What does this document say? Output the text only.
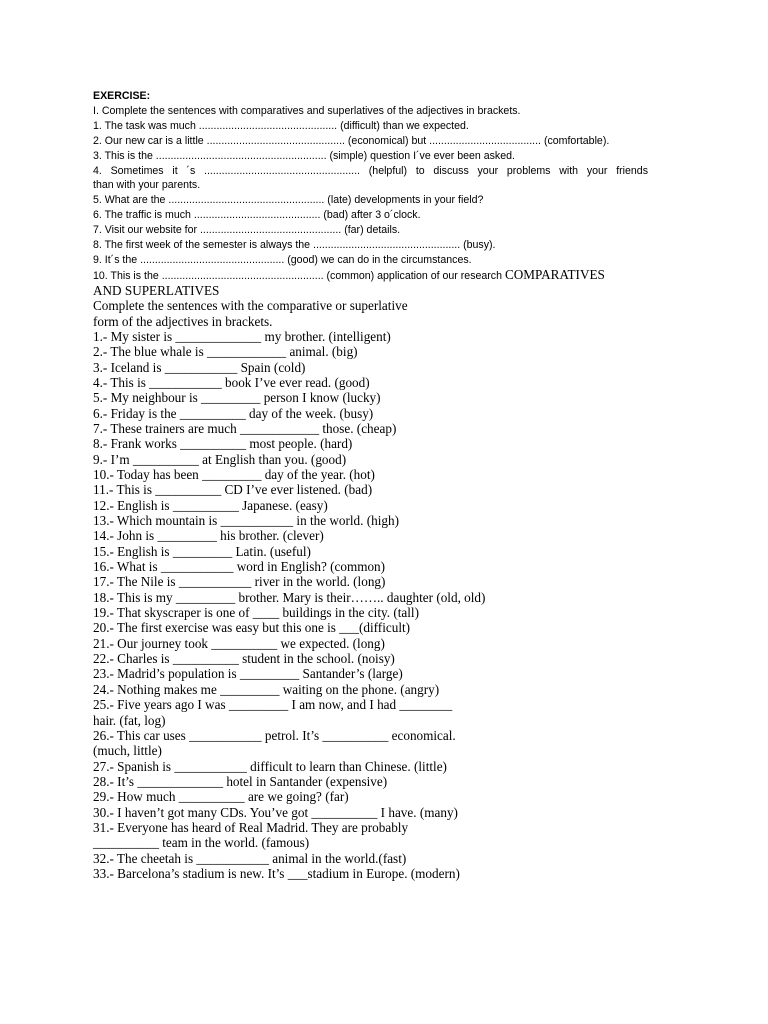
EXERCISE:
I. Complete the sentences with comparatives and superlatives of the adjectives in brackets.
1. The task was much ............................................... (difficult) than we expected.
2. Our new car is a little ............................................... (economical) but ...................................... (comfortable).
3. This is the .......................................................... (simple) question I´ve ever been asked.
4. Sometimes it ´s ..................................................... (helpful) to discuss your problems with your friends
than with your parents.
5. What are the ..................................................... (late) developments in your field?
6. The traffic is much ........................................... (bad) after 3 o´clock.
7. Visit our website for ................................................ (far) details.
8. The first week of the semester is always the .................................................. (busy).
9. It´s the ................................................. (good) we can do in the circumstances.
10. This is the ....................................................... (common) application of our research COMPARATIVES
AND SUPERLATIVES
Complete the sentences with the comparative or superlative
form of the adjectives in brackets.
1.- My sister is _____________ my brother. (intelligent)
2.- The blue whale is ____________ animal. (big)
3.- Iceland is ___________ Spain (cold)
4.- This is ___________ book I’ve ever read. (good)
5.- My neighbour is _________ person I know (lucky)
6.- Friday is the __________ day of the week. (busy)
7.- These trainers are much ____________ those. (cheap)
8.- Frank works __________ most people. (hard)
9.- I’m __________ at English than you. (good)
10.- Today has been _________ day of the year. (hot)
11.- This is __________ CD I’ve ever listened. (bad)
12.- English is __________ Japanese. (easy)
13.- Which mountain is ___________ in the world. (high)
14.- John is _________ his brother. (clever)
15.- English is _________ Latin. (useful)
16.- What is ___________ word in English? (common)
17.- The Nile is ___________ river in the world. (long)
18.- This is my _________ brother. Mary is their…….. daughter (old, old)
19.- That skyscraper is one of ____ buildings in the city. (tall)
20.- The first exercise was easy but this one is ___(difficult)
21.- Our journey took __________ we expected. (long)
22.- Charles is __________ student in the school. (noisy)
23.- Madrid’s population is _________ Santander’s (large)
24.- Nothing makes me _________ waiting on the phone. (angry)
25.- Five years ago I was _________ I am now, and I had ________
hair. (fat, log)
26.- This car uses ___________ petrol. It’s __________ economical.
(much, little)
27.- Spanish is ___________ difficult to learn than Chinese. (little)
28.- It’s _____________ hotel in Santander (expensive)
29.- How much __________ are we going? (far)
30.- I haven’t got many CDs. You’ve got __________ I have. (many)
31.- Everyone has heard of Real Madrid. They are probably
__________ team in the world. (famous)
32.- The cheetah is ___________ animal in the world.(fast)
33.- Barcelona’s stadium is new. It’s ___stadium in Europe. (modern)
